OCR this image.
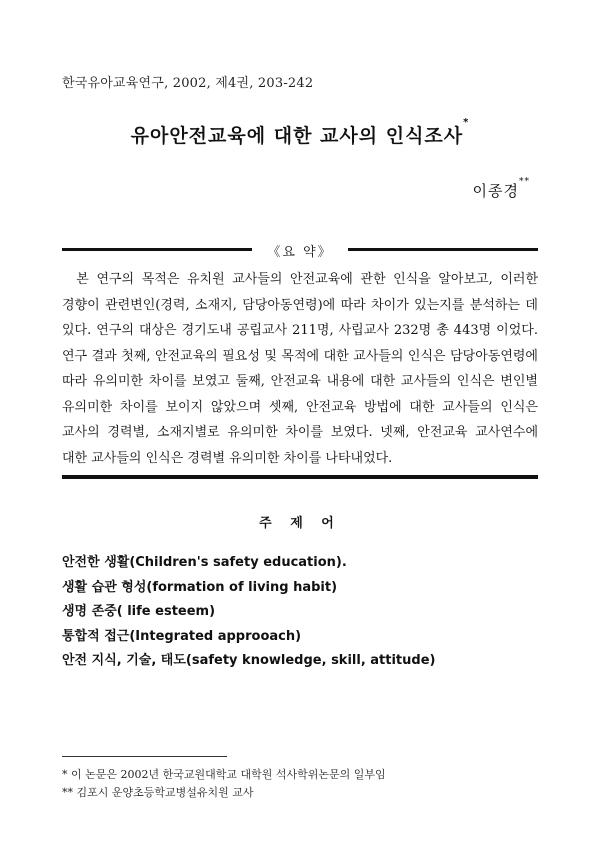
한국유아교육연구, 2002, 제4권, 203-242
유아안전교육에 대한 교사의 인식조사*
이종경**
《요 약》
본 연구의 목적은 유치원 교사들의 안전교육에 관한 인식을 알아보고, 이러한 경향이 관련변인(경력, 소재지, 담당아동연령)에 따라 차이가 있는지를 분석하는 데 있다. 연구의 대상은 경기도내 공립교사 211명, 사립교사 232명 총 443명 이었다. 연구 결과 첫째, 안전교육의 필요성 및 목적에 대한 교사들의 인식은 담당아동연령에 따라 유의미한 차이를 보였고 둘째, 안전교육 내용에 대한 교사들의 인식은 변인별 유의미한 차이를 보이지 않았으며 셋째, 안전교육 방법에 대한 교사들의 인식은 교사의 경력별, 소재지별로 유의미한 차이를 보였다. 넷째, 안전교육 교사연수에 대한 교사들의 인식은 경력별 유의미한 차이를 나타내었다.
주 제 어
안전한 생활(Children's safety education).
생활 습관 형성(formation of living habit)
생명 존중( life esteem)
통합적 접근(Integrated approoach)
안전 지식, 기술, 태도(safety knowledge, skill, attitude)
* 이 논문은 2002년 한국교원대학교 대학원 석사학위논문의 일부임
** 김포시 운양초등학교병설유치원 교사
